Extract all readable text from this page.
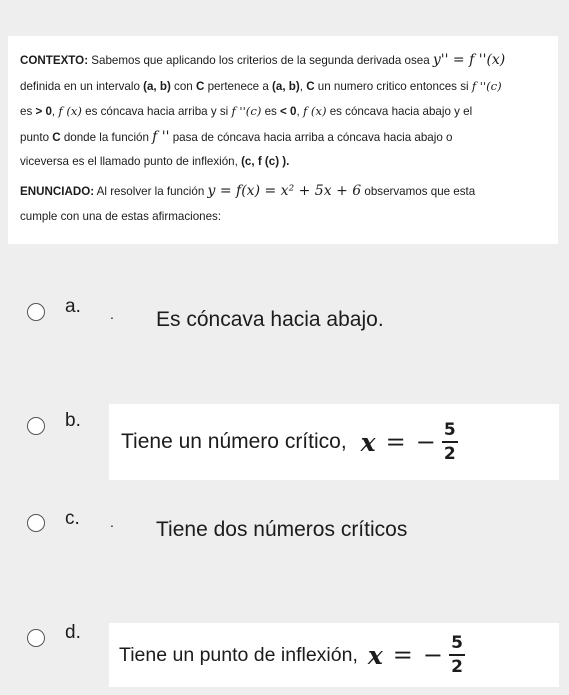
CONTEXTO: Sabemos que aplicando los criterios de la segunda derivada osea y'' = f ''(x)
definida en un intervalo (a, b) con C pertenece a (a, b), C un numero critico entonces si f ''(c)
es > 0, f (x) es cóncava hacia arriba y si f ''(c) es < 0, f (x) es cóncava hacia abajo y el
punto C donde la función f '' pasa de cóncava hacia arriba a cóncava hacia abajo o
viceversa es el llamado punto de inflexión, (c, f (c) ).

ENUNCIADO: Al resolver la función y = f(x) = x² + 5x + 6 observamos que esta
cumple con una de estas afirmaciones:

a. . Es cóncava hacia abajo.
b.
Tiene un número crítico, x = − $\frac{5}{2}$
c. . Tiene dos números críticos
d.
Tiene un punto de inflexión, x = − $\frac{5}{2}$
